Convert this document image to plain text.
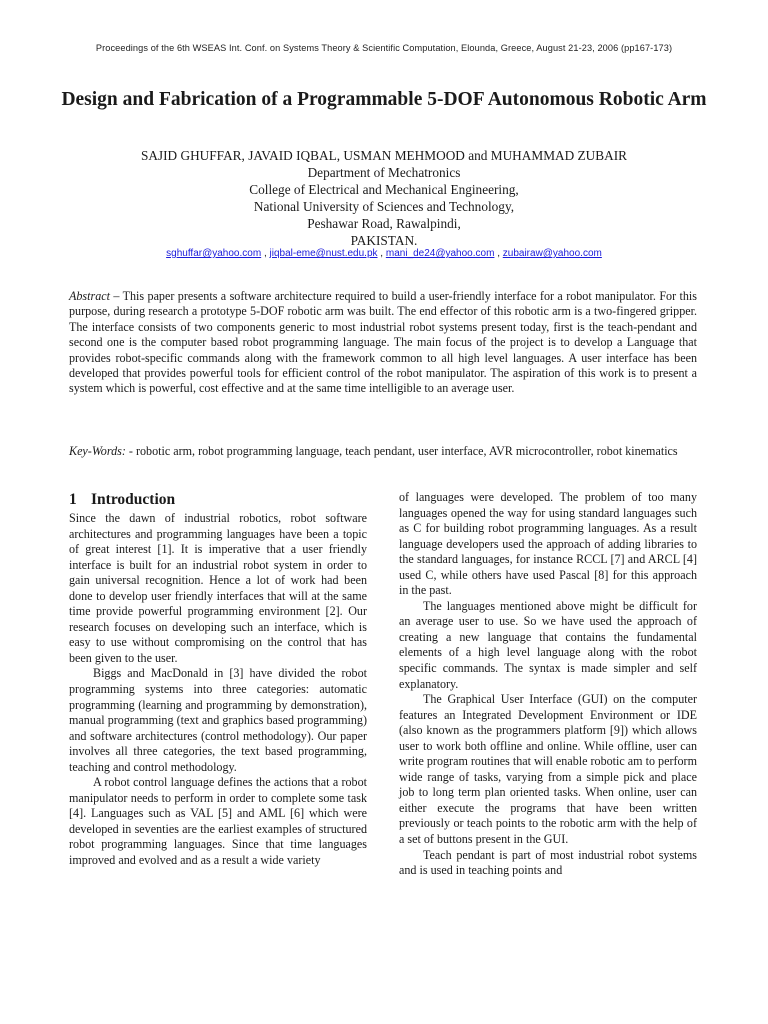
Proceedings of the 6th WSEAS Int. Conf. on Systems Theory & Scientific Computation, Elounda, Greece, August 21-23, 2006 (pp167-173)
Design and Fabrication of a Programmable 5-DOF Autonomous Robotic Arm
SAJID GHUFFAR, JAVAID IQBAL, USMAN MEHMOOD and MUHAMMAD ZUBAIR
Department of Mechatronics
College of Electrical and Mechanical Engineering,
National University of Sciences and Technology,
Peshawar Road, Rawalpindi,
PAKISTAN.
sghuffar@yahoo.com , jiqbal-eme@nust.edu.pk , mani_de24@yahoo.com , zubairaw@yahoo.com

Abstract – This paper presents a software architecture required to build a user-friendly interface for a robot manipulator. For this purpose, during research a prototype 5-DOF robotic arm was built. The end effector of this robotic arm is a two-fingered gripper. The interface consists of two components generic to most industrial robot systems present today, first is the teach-pendant and second one is the computer based robot programming language. The main focus of the project is to develop a Language that provides robot-specific commands along with the framework common to all high level languages. A user interface has been developed that provides powerful tools for efficient control of the robot manipulator. The aspiration of this work is to present a system which is powerful, cost effective and at the same time intelligible to an average user.

Key-Words: - robotic arm, robot programming language, teach pendant, user interface, AVR microcontroller, robot kinematics

1 Introduction

Since the dawn of industrial robotics, robot software architectures and programming languages have been a topic of great interest [1]. It is imperative that a user friendly interface is built for an industrial robot system in order to gain universal recognition. Hence a lot of work had been done to develop user friendly interfaces that will at the same time provide powerful programming environment [2]. Our research focuses on developing such an interface, which is easy to use without compromising on the control that has been given to the user.

Biggs and MacDonald in [3] have divided the robot programming systems into three categories: automatic programming (learning and programming by demonstration), manual programming (text and graphics based programming) and software architectures (control methodology). Our paper involves all three categories, the text based programming, teaching and control methodology.

A robot control language defines the actions that a robot manipulator needs to perform in order to complete some task [4]. Languages such as VAL [5] and AML [6] which were developed in seventies are the earliest examples of structured robot programming languages. Since that time languages improved and evolved and as a result a wide variety

of languages were developed. The problem of too many languages opened the way for using standard languages such as C for building robot programming languages. As a result language developers used the approach of adding libraries to the standard languages, for instance RCCL [7] and ARCL [4] used C, while others have used Pascal [8] for this approach in the past.

The languages mentioned above might be difficult for an average user to use. So we have used the approach of creating a new language that contains the fundamental elements of a high level language along with the robot specific commands. The syntax is made simpler and self explanatory.

The Graphical User Interface (GUI) on the computer features an Integrated Development Environment or IDE (also known as the programmers platform [9]) which allows user to work both offline and online. While offline, user can write program routines that will enable robotic am to perform wide range of tasks, varying from a simple pick and place job to long term plan oriented tasks. When online, user can either execute the programs that have been written previously or teach points to the robotic arm with the help of a set of buttons present in the GUI.

Teach pendant is part of most industrial robot systems and is used in teaching points and
